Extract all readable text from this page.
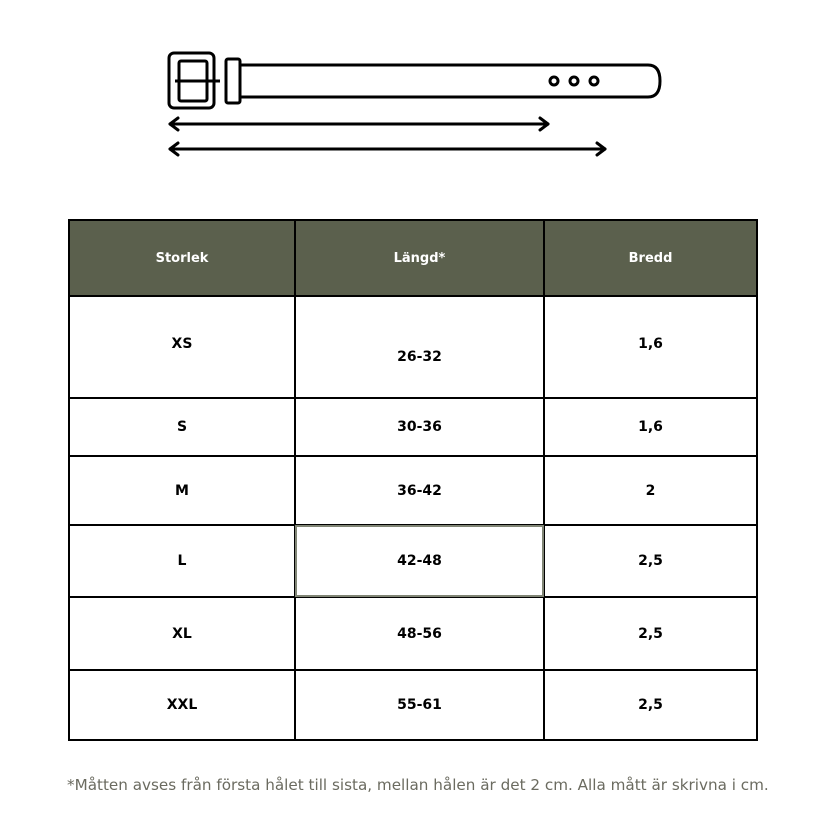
Storlek	Längd*	Bredd
XS	26-32	1,6
S	30-36	1,6
M	36-42	2
L	42-48	2,5
XL	48-56	2,5
XXL	55-61	2,5
*Måtten avses från första hålet till sista, mellan hålen är det 2 cm. Alla mått är skrivna i cm.
